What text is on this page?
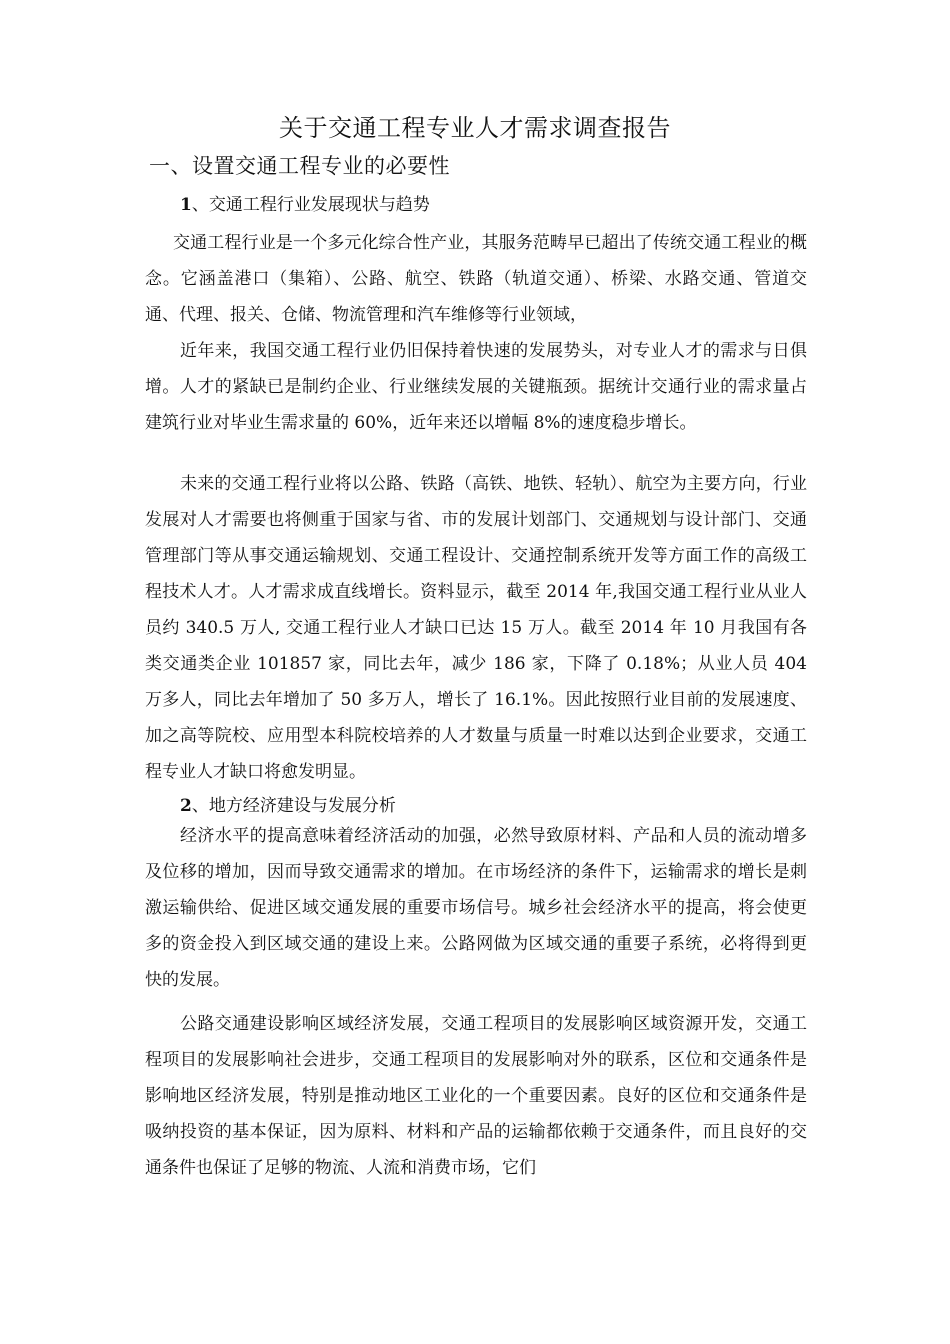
关于交通工程专业人才需求调查报告
一、设置交通工程专业的必要性
1、交通工程行业发展现状与趋势

交通工程行业是一个多元化综合性产业，其服务范畴早已超出了传统交通工程业的概念。它涵盖港口（集箱）、公路、航空、铁路（轨道交通）、桥梁、水路交通、管道交通、代理、报关、仓储、物流管理和汽车维修等行业领域，

近年来，我国交通工程行业仍旧保持着快速的发展势头，对专业人才的需求与日俱增。人才的紧缺已是制约企业、行业继续发展的关键瓶颈。据统计交通行业的需求量占建筑行业对毕业生需求量的 60%，近年来还以增幅 8%的速度稳步增长。

未来的交通工程行业将以公路、铁路（高铁、地铁、轻轨）、航空为主要方向，行业发展对人才需要也将侧重于国家与省、市的发展计划部门、交通规划与设计部门、交通管理部门等从事交通运输规划、交通工程设计、交通控制系统开发等方面工作的高级工程技术人才。人才需求成直线增长。资料显示，截至 2014 年,我国交通工程行业从业人员约 340.5 万人, 交通工程行业人才缺口已达 15 万人。截至 2014 年 10 月我国有各类交通类企业 101857 家，同比去年，减少 186 家，下降了 0.18%；从业人员 404 万多人，同比去年增加了 50 多万人，增长了 16.1%。因此按照行业目前的发展速度、加之高等院校、应用型本科院校培养的人才数量与质量一时难以达到企业要求，交通工程专业人才缺口将愈发明显。

2、地方经济建设与发展分析

经济水平的提高意味着经济活动的加强，必然导致原材料、产品和人员的流动增多及位移的增加，因而导致交通需求的增加。在市场经济的条件下，运输需求的增长是刺激运输供给、促进区域交通发展的重要市场信号。城乡社会经济水平的提高，将会使更多的资金投入到区域交通的建设上来。公路网做为区域交通的重要子系统，必将得到更快的发展。

公路交通建设影响区域经济发展，交通工程项目的发展影响区域资源开发，交通工程项目的发展影响社会进步，交通工程项目的发展影响对外的联系，区位和交通条件是影响地区经济发展，特别是推动地区工业化的一个重要因素。良好的区位和交通条件是吸纳投资的基本保证，因为原料、材料和产品的运输都依赖于交通条件，而且良好的交通条件也保证了足够的物流、人流和消费市场，它们
